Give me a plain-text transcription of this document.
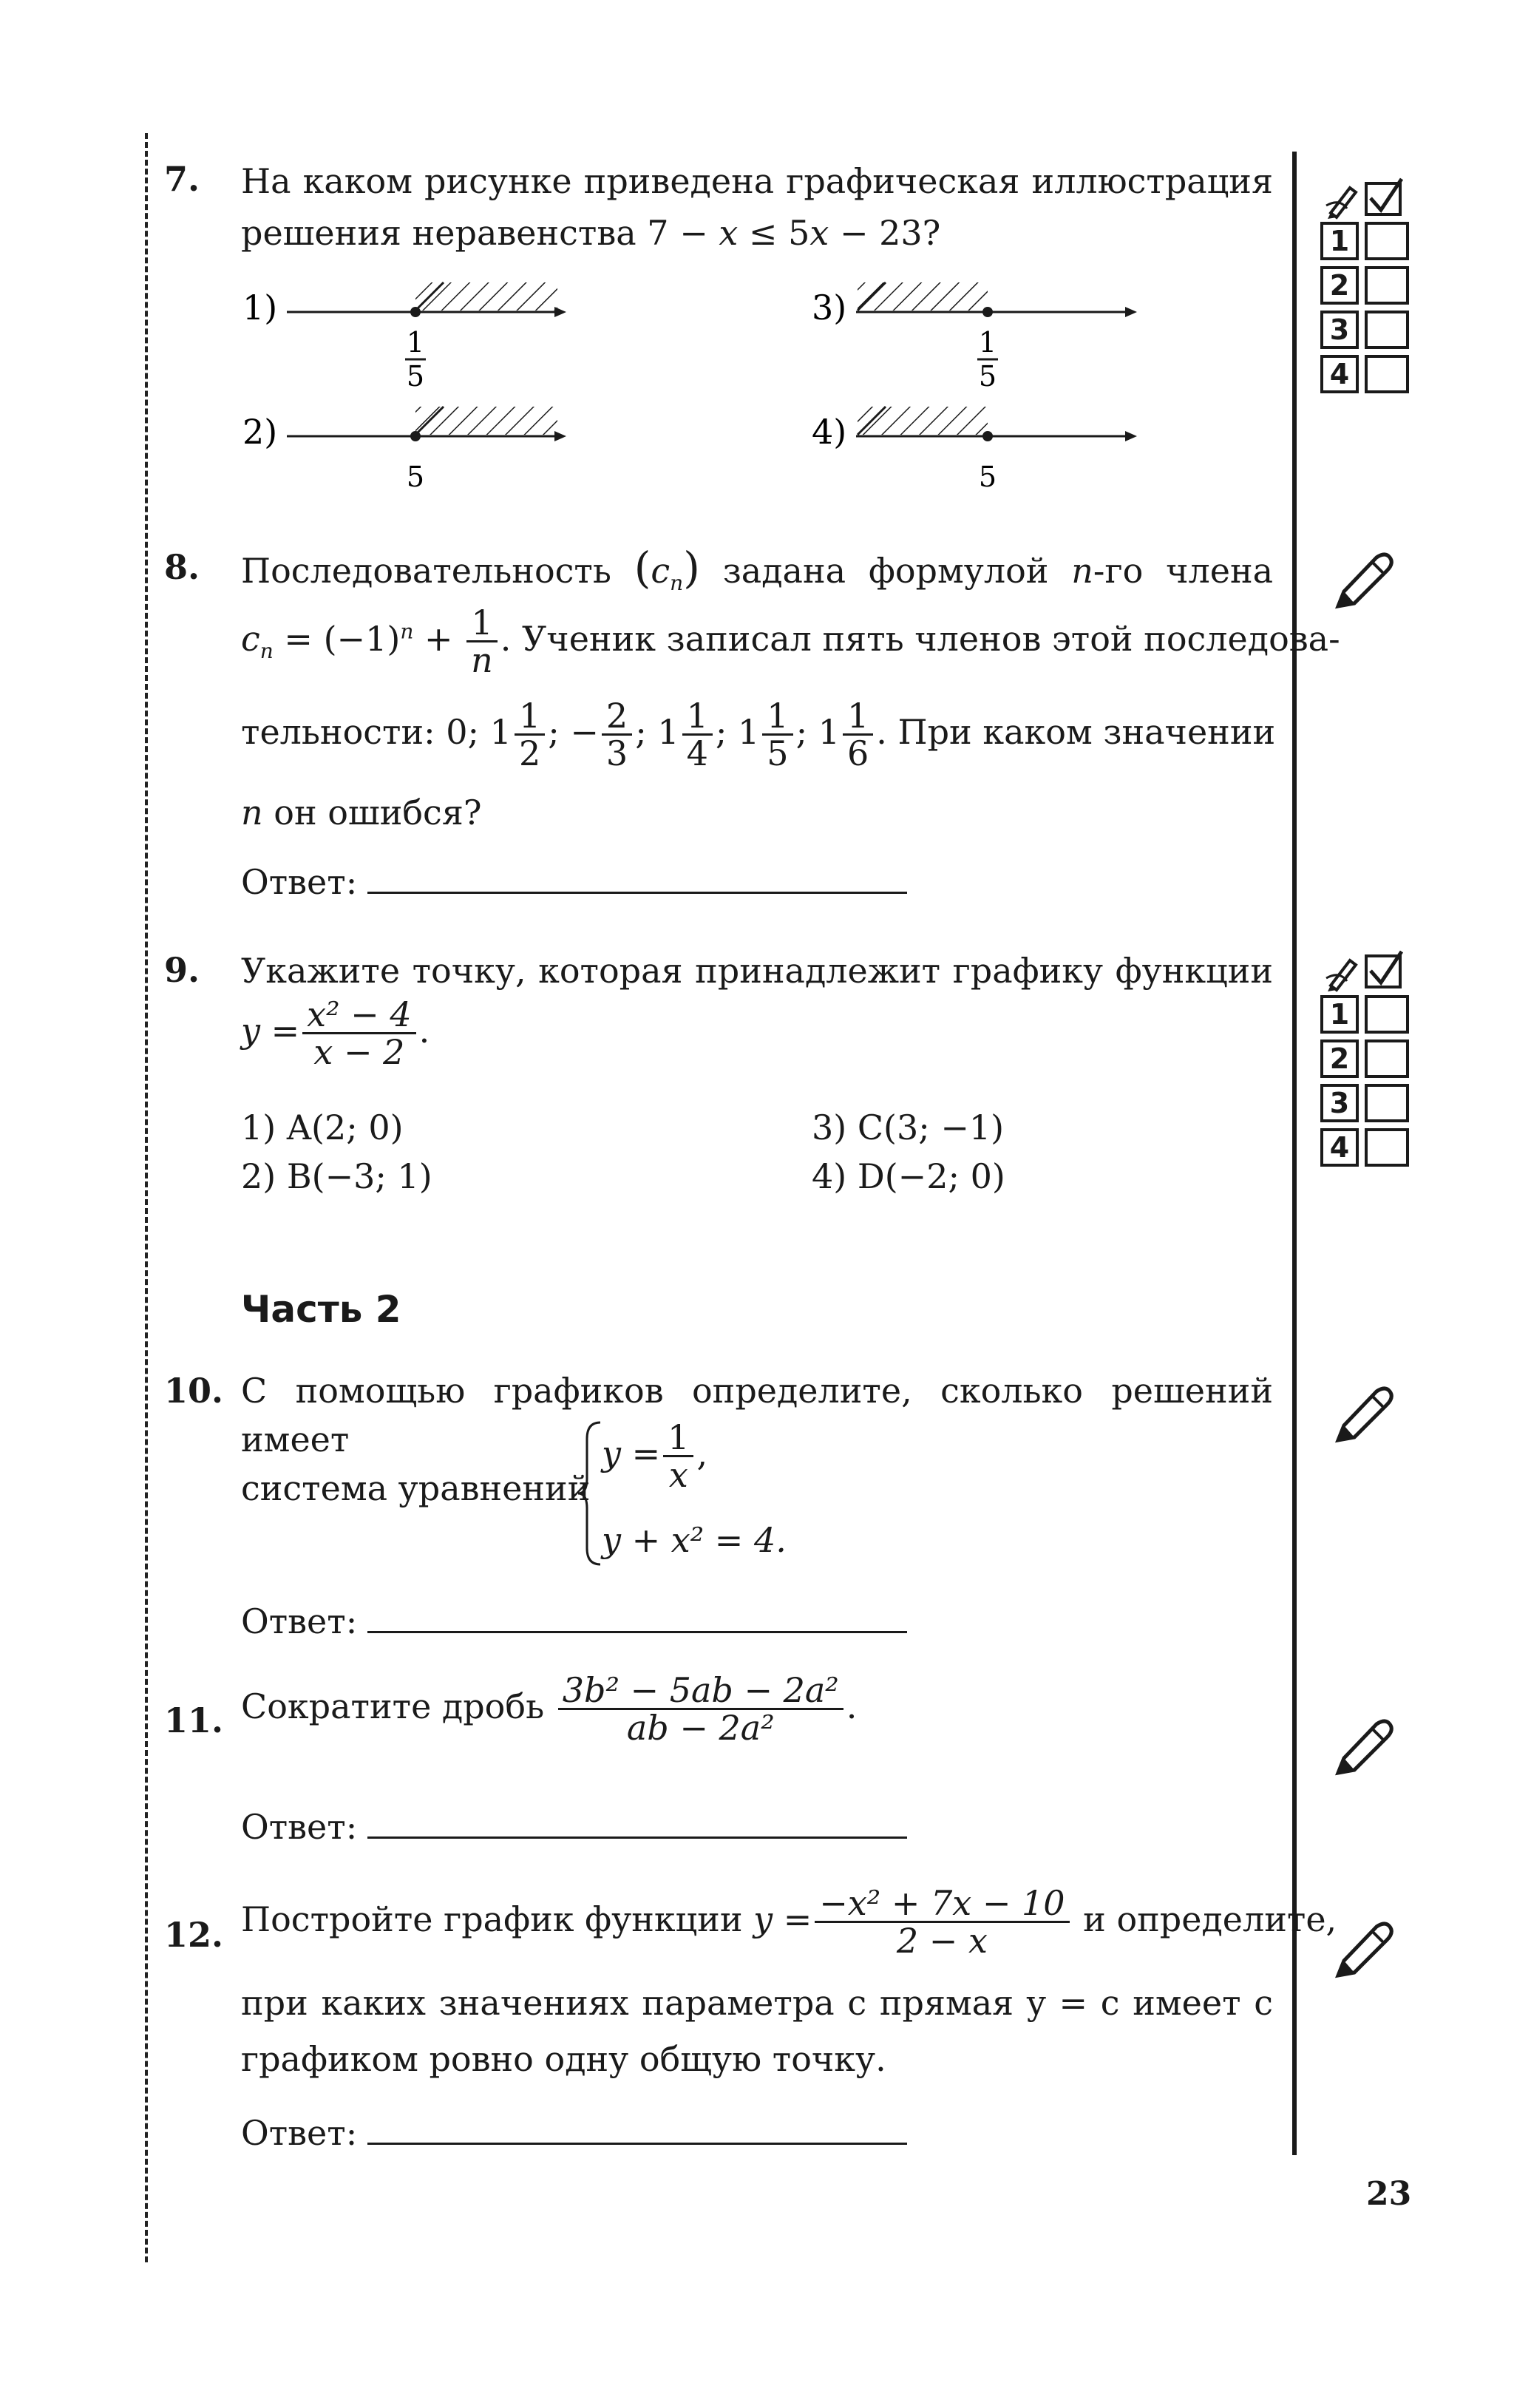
7. На каком рисунке приведена графическая иллюстрация
решения неравенства 7 − x ≤ 5x − 23?
1)
1
5
3)
1
5
2)
5
4)
5
8. Последовательность $(c_n)$ задана формулой n-го члена
$c_n = (-1)^n + \frac{1}{n}$ . Ученик записал пять членов этой последова-
тельности: 0; $1 \frac{1}{2}$ ; − $\frac{2}{3}$ ; $1 \frac{1}{4}$ ; $1 \frac{1}{5}$ ; $1 \frac{1}{6}$ . При каком значении
n он ошибся?
Ответ:
9. Укажите точку, которая принадлежит графику функции
$y = \frac{\text{x² − 4}}{x - 2}$ .
1) A(2; 0)
2) B(−3; 1)
3) C(3; −1)
4) D(−2; 0)
Часть 2
10. С помощью графиков определите, сколько решений имеет
система уравнений
$y = \frac{1}{x}$ ,
y + x² = 4.
Ответ:
11. Сократите дробь $\frac{\text{3b² − 5ab − 2a²}}{\text{ab − 2a²}}$ .
Ответ:
12. Постройте график функции $y = \frac{\text{−x² + 7x − 10}}{2 - x}$ и определите,
при каких значениях параметра c прямая y = c имеет с
графиком ровно одну общую точку.
Ответ:
1
2
3
4
1
2
3
4
23
